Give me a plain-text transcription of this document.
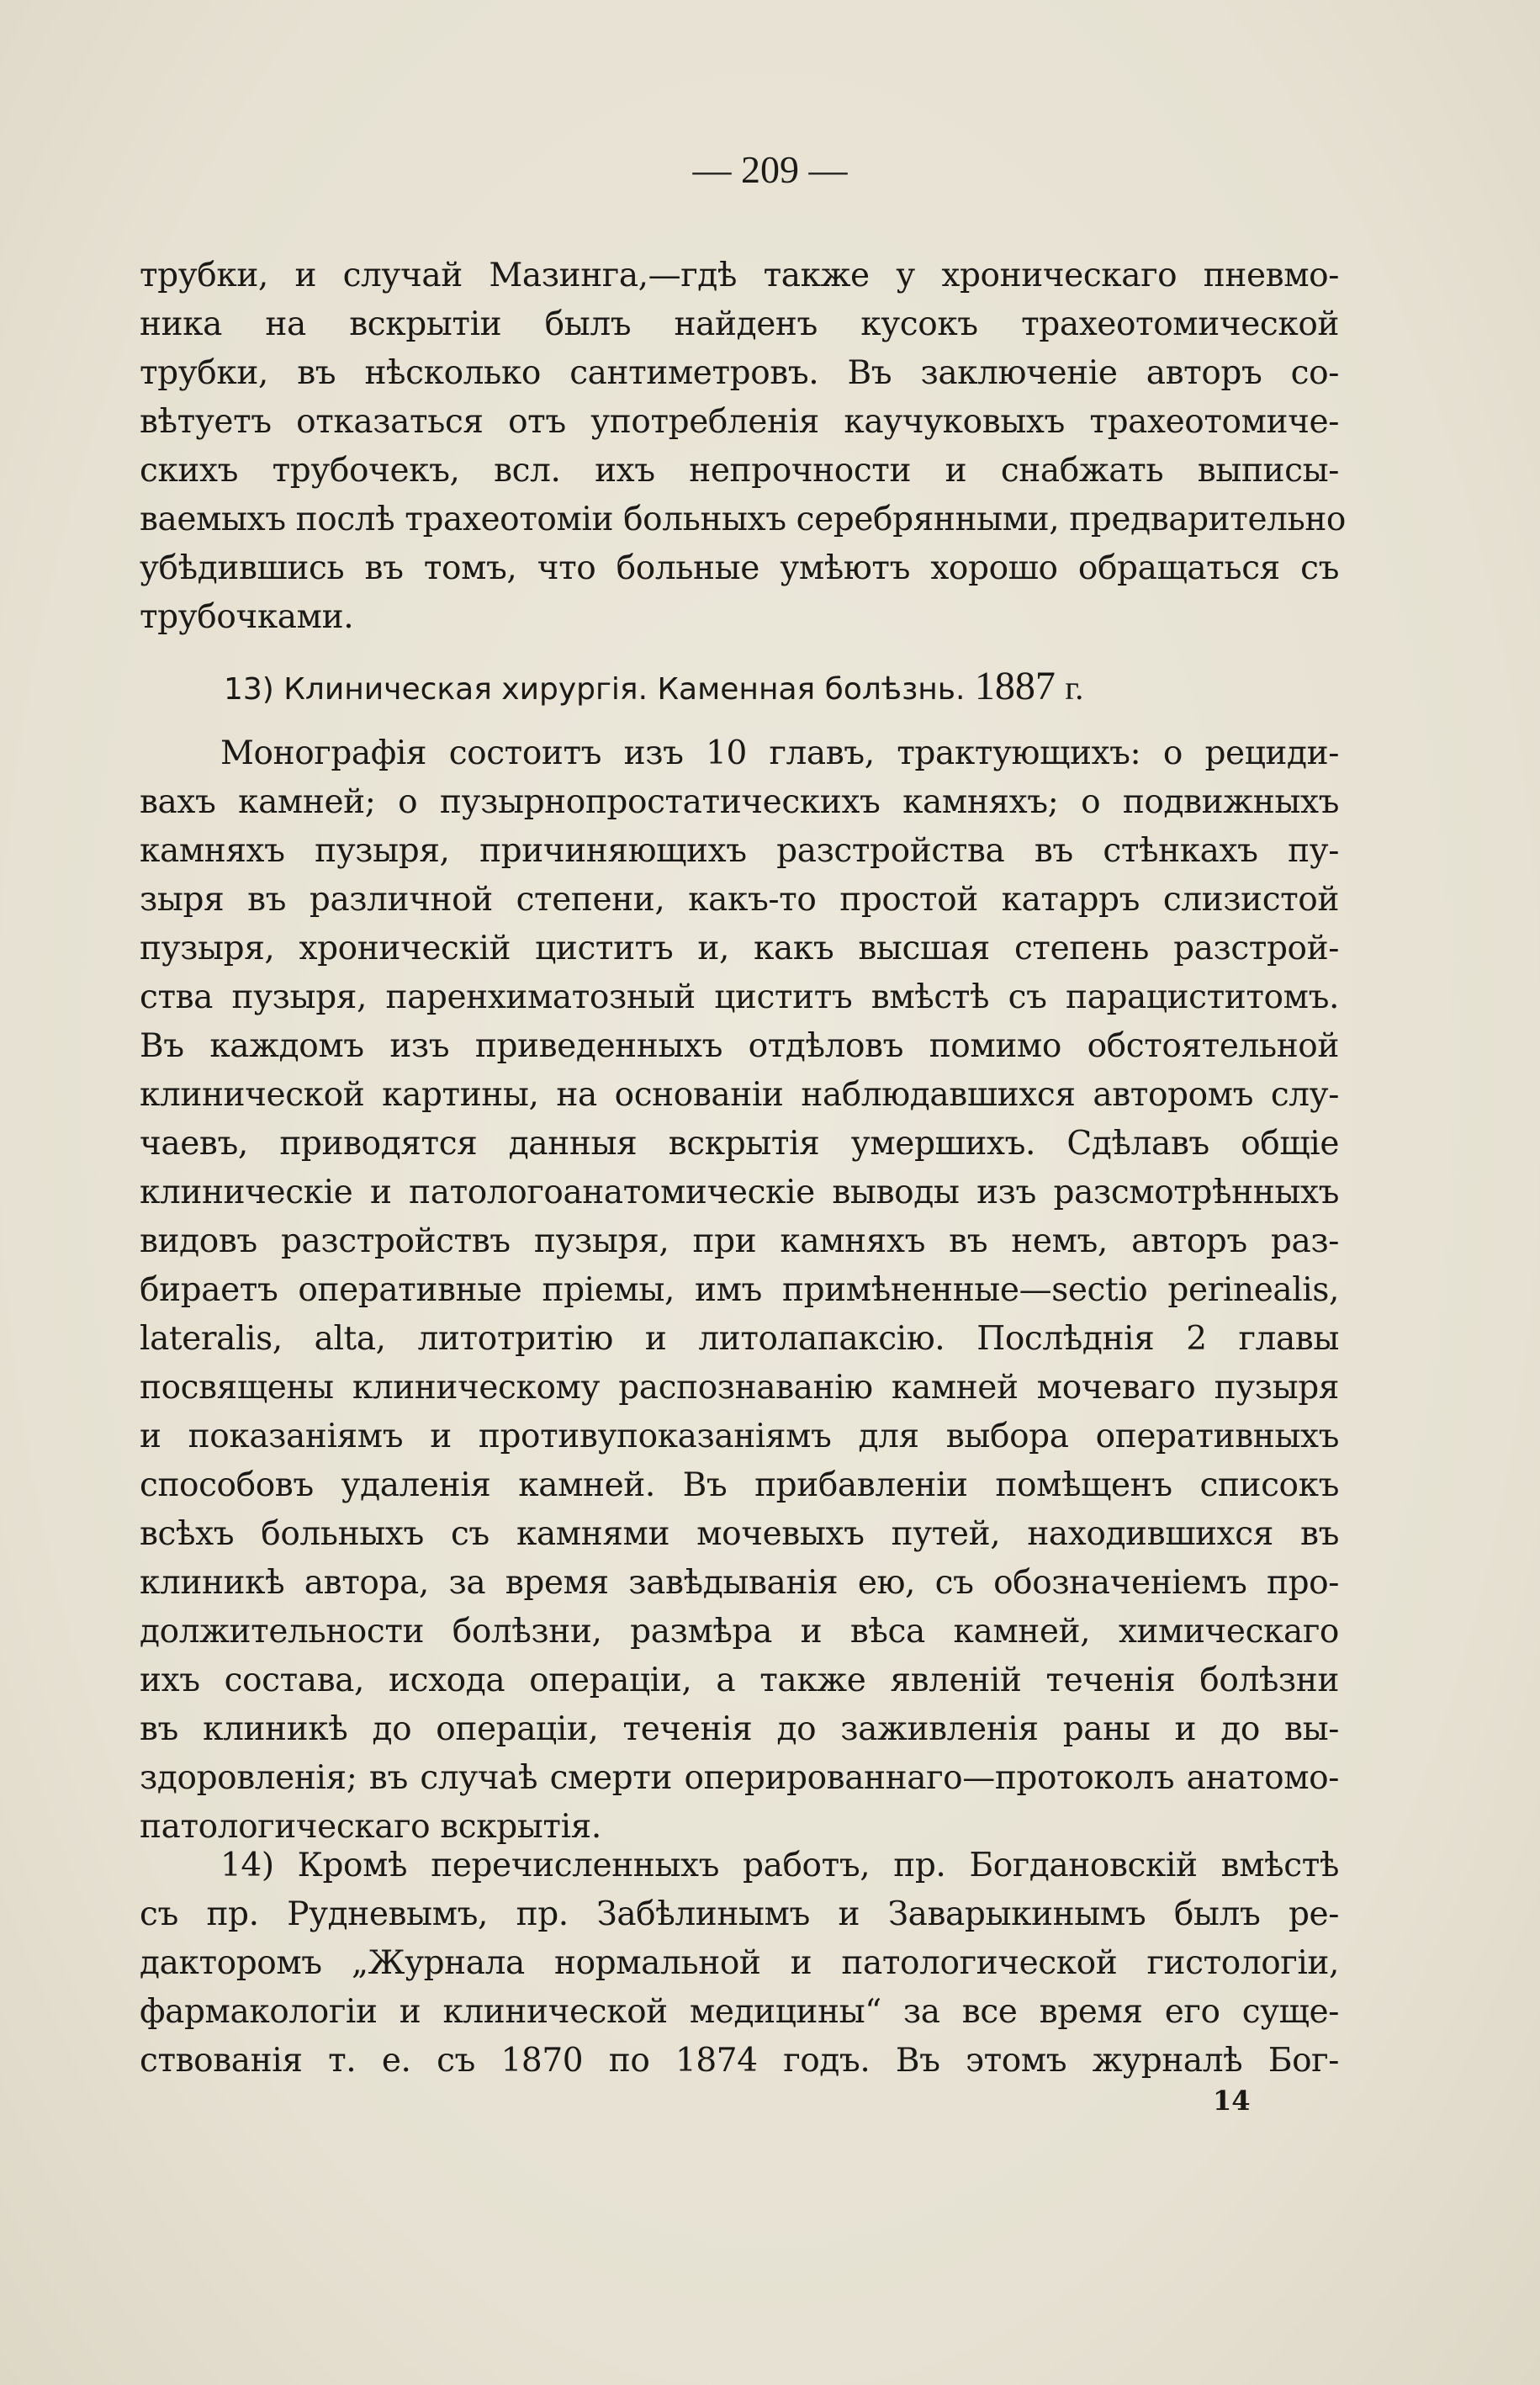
— 209 —
трубки, и случай Мазинга,—гдѣ также у хроническаго пневмо-
ника на вскрытіи былъ найденъ кусокъ трахеотомической
трубки, въ нѣсколько сантиметровъ. Въ заключеніе авторъ со-
вѣтуетъ отказаться отъ употребленія каучуковыхъ трахеотомиче-
скихъ трубочекъ, всл. ихъ непрочности и снабжать выписы-
ваемыхъ послѣ трахеотоміи больныхъ серебрянными, предварительно
убѣдившись въ томъ, что больные умѣютъ хорошо обращаться съ
трубочками.
13) Клиническая хирургія. Каменная болѣзнь. 1887 г.
Монографія состоитъ изъ 10 главъ, трактующихъ: о рециди-
вахъ камней; о пузырнопростатическихъ камняхъ; о подвижныхъ
камняхъ пузыря, причиняющихъ разстройства въ стѣнкахъ пу-
зыря въ различной степени, какъ-то простой катарръ слизистой
пузыря, хроническій циститъ и, какъ высшая степень разстрой-
ства пузыря, паренхиматозный циститъ вмѣстѣ съ парациститомъ.
Въ каждомъ изъ приведенныхъ отдѣловъ помимо обстоятельной
клинической картины, на основаніи наблюдавшихся авторомъ слу-
чаевъ, приводятся данныя вскрытія умершихъ. Сдѣлавъ общіе
клиническіе и патологоанатомическіе выводы изъ разсмотрѣнныхъ
видовъ разстройствъ пузыря, при камняхъ въ немъ, авторъ раз-
бираетъ оперативные пріемы, имъ примѣненные—sectio perinealis,
lateralis, alta, литотритію и литолапаксію. Послѣднія 2 главы
посвящены клиническому распознаванію камней мочеваго пузыря
и показаніямъ и противупоказаніямъ для выбора оперативныхъ
способовъ удаленія камней. Въ прибавленіи помѣщенъ списокъ
всѣхъ больныхъ съ камнями мочевыхъ путей, находившихся въ
клиникѣ автора, за время завѣдыванія ею, съ обозначеніемъ про-
должительности болѣзни, размѣра и вѣса камней, химическаго
ихъ состава, исхода операціи, а также явленій теченія болѣзни
въ клиникѣ до операціи, теченія до заживленія раны и до вы-
здоровленія; въ случаѣ смерти оперированнаго—протоколъ анатомо-
патологическаго вскрытія.
14) Кромѣ перечисленныхъ работъ, пр. Богдановскій вмѣстѣ
съ пр. Рудневымъ, пр. Забѣлинымъ и Заварыкинымъ былъ ре-
дакторомъ „Журнала нормальной и патологической гистологіи,
фармакологіи и клинической медицины“ за все время его суще-
ствованія т. е. съ 1870 по 1874 годъ. Въ этомъ журналѣ Бог-
14
